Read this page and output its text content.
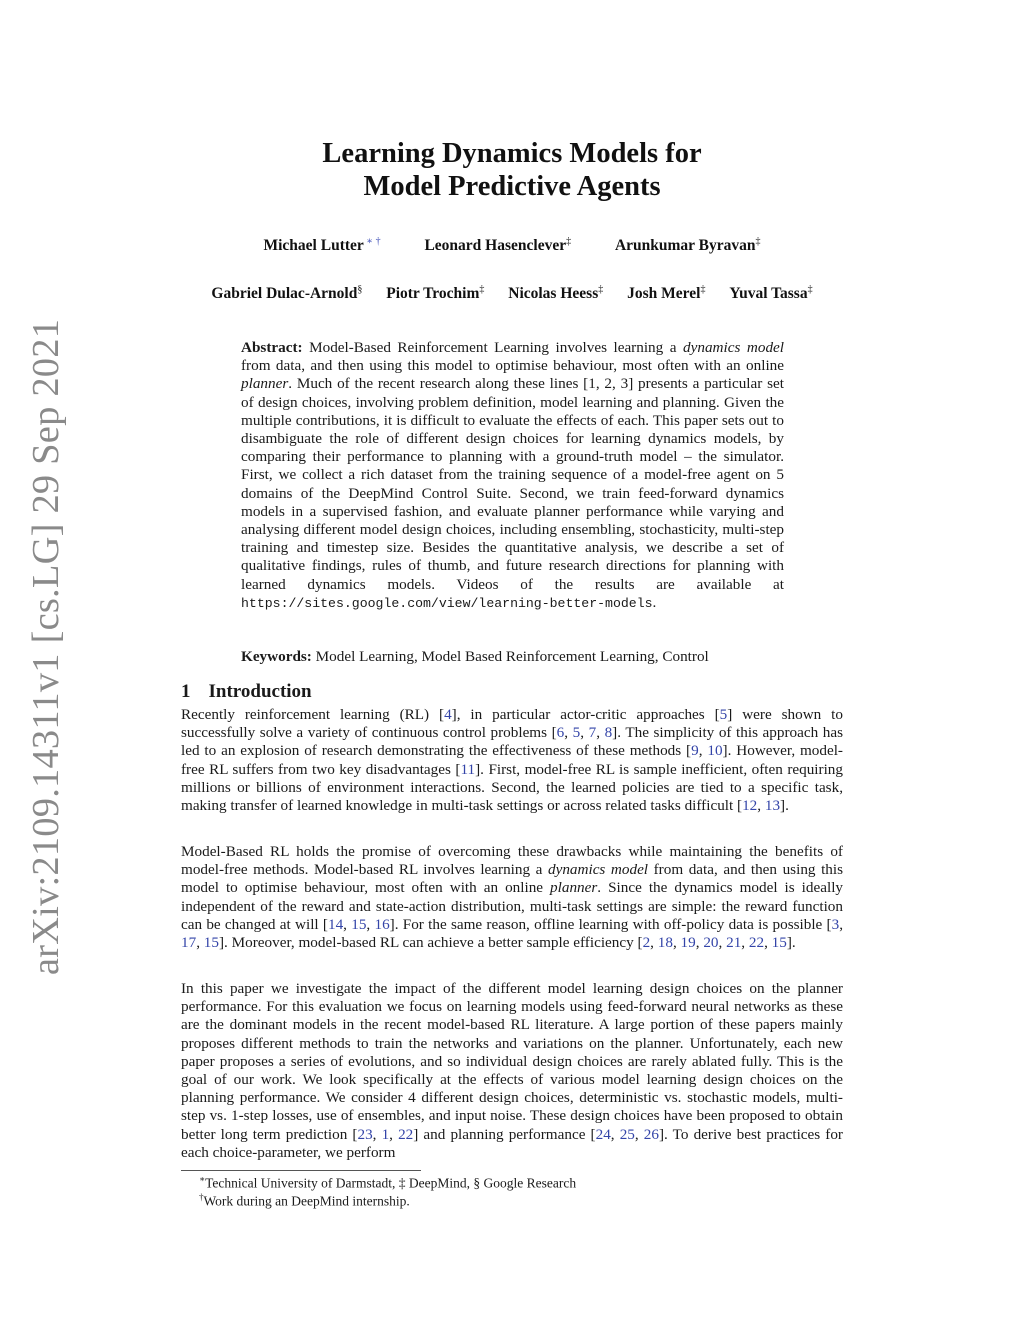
arXiv:2109.14311v1 [cs.LG] 29 Sep 2021
Learning Dynamics Models for
Model Predictive Agents
Michael Lutter ∗ †	Leonard Hasenclever‡	Arunkumar Byravan‡
Gabriel Dulac-Arnold§ Piotr Trochim‡ Nicolas Heess‡ Josh Merel‡ Yuval Tassa‡
Abstract: Model-Based Reinforcement Learning involves learning a dynamics model from data, and then using this model to optimise behaviour, most often with an online planner. Much of the recent research along these lines [1, 2, 3] presents a particular set of design choices, involving problem definition, model learning and planning. Given the multiple contributions, it is difficult to evaluate the effects of each. This paper sets out to disambiguate the role of different design choices for learning dynamics models, by comparing their performance to planning with a ground-truth model – the simulator. First, we collect a rich dataset from the training sequence of a model-free agent on 5 domains of the DeepMind Control Suite. Second, we train feed-forward dynamics models in a supervised fashion, and evaluate planner performance while varying and analysing different model design choices, including ensembling, stochasticity, multi-step training and timestep size. Besides the quantitative analysis, we describe a set of qualitative findings, rules of thumb, and future research directions for planning with learned dynamics models. Videos of the results are available at https://sites.google.com/view/learning-better-models.
Keywords: Model Learning, Model Based Reinforcement Learning, Control
1 Introduction
Recently reinforcement learning (RL) [4], in particular actor-critic approaches [5] were shown to successfully solve a variety of continuous control problems [6, 5, 7, 8]. The simplicity of this approach has led to an explosion of research demonstrating the effectiveness of these methods [9, 10]. However, model-free RL suffers from two key disadvantages [11]. First, model-free RL is sample inefficient, often requiring millions or billions of environment interactions. Second, the learned policies are tied to a specific task, making transfer of learned knowledge in multi-task settings or across related tasks difficult [12, 13].
Model-Based RL holds the promise of overcoming these drawbacks while maintaining the benefits of model-free methods. Model-based RL involves learning a dynamics model from data, and then using this model to optimise behaviour, most often with an online planner. Since the dynamics model is ideally independent of the reward and state-action distribution, multi-task settings are simple: the reward function can be changed at will [14, 15, 16]. For the same reason, offline learning with off-policy data is possible [3, 17, 15]. Moreover, model-based RL can achieve a better sample efficiency [2, 18, 19, 20, 21, 22, 15].
In this paper we investigate the impact of the different model learning design choices on the planner performance. For this evaluation we focus on learning models using feed-forward neural networks as these are the dominant models in the recent model-based RL literature. A large portion of these papers mainly proposes different methods to train the networks and variations on the planner. Unfortunately, each new paper proposes a series of evolutions, and so individual design choices are rarely ablated fully. This is the goal of our work. We look specifically at the effects of various model learning design choices on the planning performance. We consider 4 different design choices, deterministic vs. stochastic models, multi-step vs. 1-step losses, use of ensembles, and input noise. These design choices have been proposed to obtain better long term prediction [23, 1, 22] and planning performance [24, 25, 26]. To derive best practices for each choice-parameter, we perform
∗Technical University of Darmstadt, ‡ DeepMind, § Google Research
†Work during an DeepMind internship.
